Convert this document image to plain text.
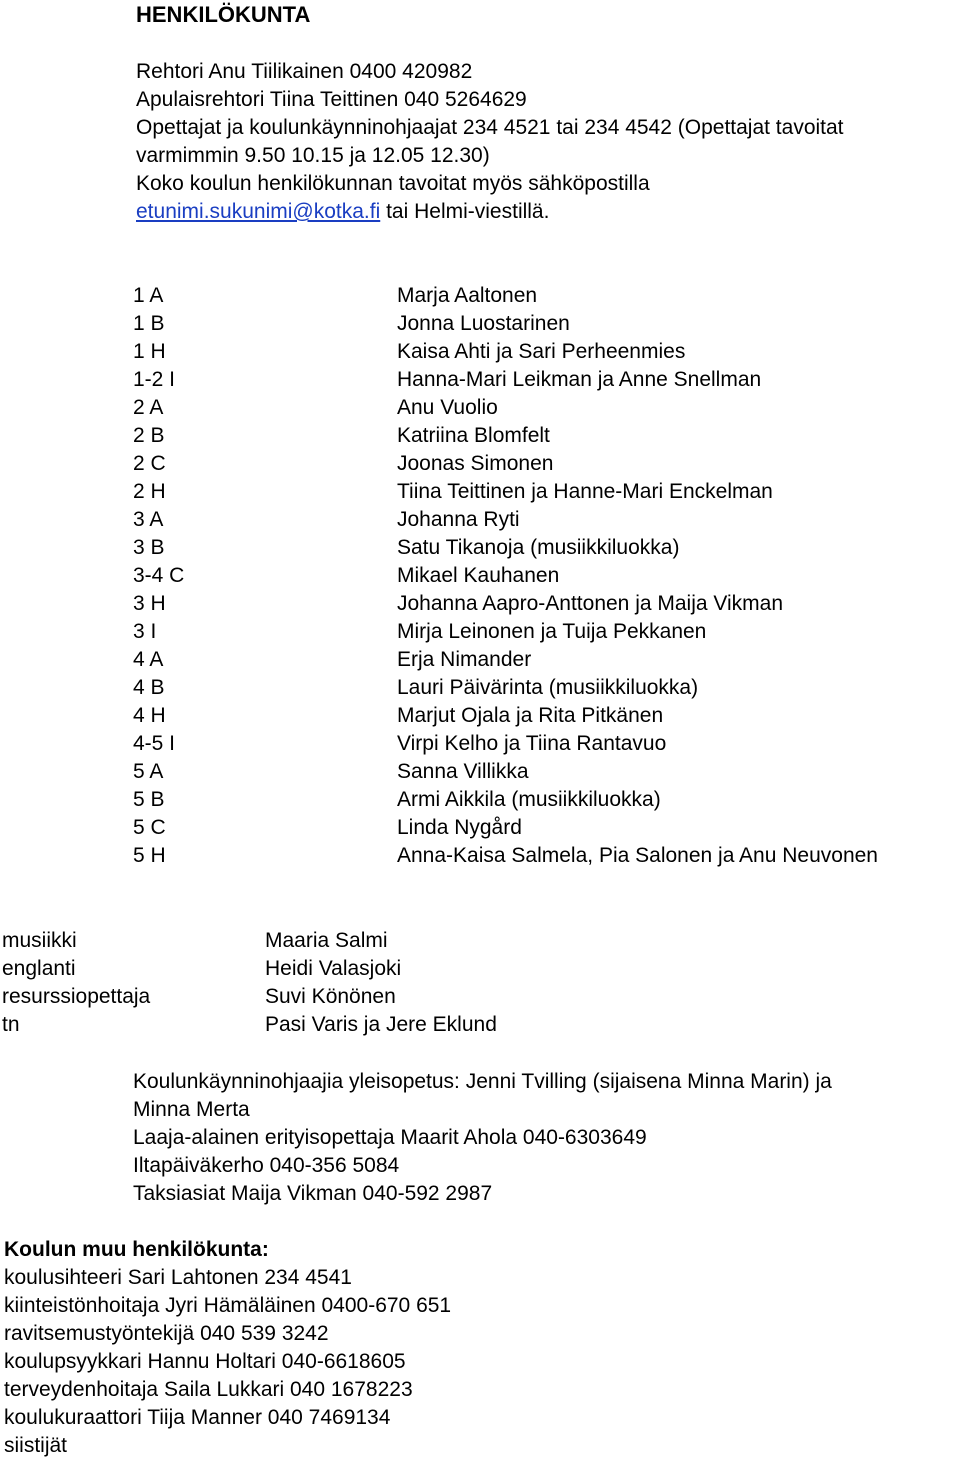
HENKILÖKUNTA
Rehtori Anu Tiilikainen 0400 420982
Apulaisrehtori Tiina Teittinen 040 5264629
Opettajat ja koulunkäynninohjaajat 234 4521 tai 234 4542 (Opettajat tavoitat
varmimmin 9.50 10.15 ja 12.05 12.30)
Koko koulun henkilökunnan tavoitat myös sähköpostilla
etunimi.sukunimi@kotka.fi tai Helmi-viestillä.
1 A	Marja Aaltonen
1 B	Jonna Luostarinen
1 H	Kaisa Ahti ja Sari Perheenmies
1-2 I	Hanna-Mari Leikman ja Anne Snellman
2 A	Anu Vuolio
2 B	Katriina Blomfelt
2 C	Joonas Simonen
2 H	Tiina Teittinen ja Hanne-Mari Enckelman
3 A	Johanna Ryti
3 B	Satu Tikanoja (musiikkiluokka)
3-4 C	Mikael Kauhanen
3 H	Johanna Aapro-Anttonen ja Maija Vikman
3 I	Mirja Leinonen ja Tuija Pekkanen
4 A	Erja Nimander
4 B	Lauri Päivärinta (musiikkiluokka)
4 H	Marjut Ojala ja Rita Pitkänen
4-5 I	Virpi Kelho ja Tiina Rantavuo
5 A	Sanna Villikka
5 B	Armi Aikkila (musiikkiluokka)
5 C	Linda Nygård
5 H	Anna-Kaisa Salmela, Pia Salonen ja Anu Neuvonen
musiikki	Maaria Salmi
englanti	Heidi Valasjoki
resurssiopettaja	Suvi Könönen
tn	Pasi Varis ja Jere Eklund
Koulunkäynninohjaajia yleisopetus: Jenni Tvilling (sijaisena Minna Marin) ja
Minna Merta
Laaja-alainen erityisopettaja Maarit Ahola 040-6303649
Iltapäiväkerho 040-356 5084
Taksiasiat Maija Vikman 040-592 2987
Koulun muu henkilökunta:
koulusihteeri Sari Lahtonen 234 4541
kiinteistönhoitaja Jyri Hämäläinen 0400-670 651
ravitsemustyöntekijä 040 539 3242
koulupsyykkari Hannu Holtari 040-6618605
terveydenhoitaja Saila Lukkari 040 1678223
koulukuraattori Tiija Manner 040 7469134
siistijät
